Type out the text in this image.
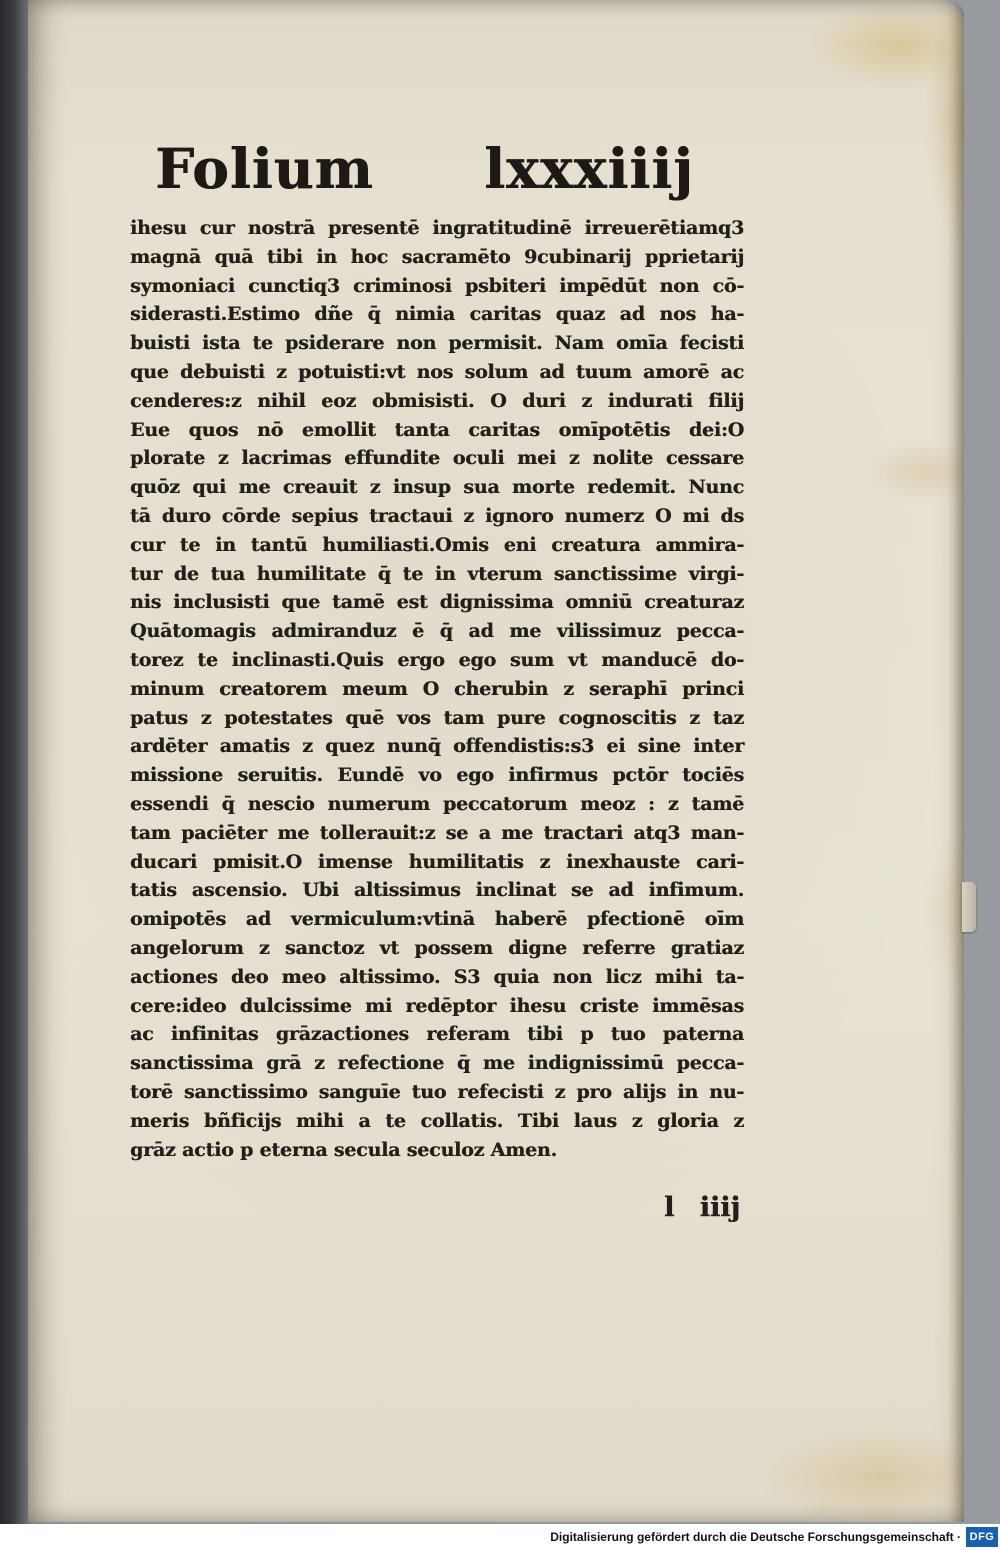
Folium lxxxiiij
ihesu cur nostrā presentē ingratitudinē irreuerētiamq3
magnā quā tibi in hoc sacramēto 9cubinarij pprietarij
symoniaci cunctiq3 criminosi psbiteri impēdūt non cō-
siderasti.Estimo dñe q̄ nimia caritas quaz ad nos ha-
buisti ista te psiderare non permisit. Nam omīa fecisti
que debuisti z potuisti:vt nos solum ad tuum amorē ac
cenderes:z nihil eoz obmisisti. O duri z indurati filij
Eue quos nō emollit tanta caritas omīpotētis dei:O
plorate z lacrimas effundite oculi mei z nolite cessare
quōz qui me creauit z insup sua morte redemit. Nunc
tā duro cōrde sepius tractaui z ignoro numerz O mi ds
cur te in tantū humiliasti.Omis eni creatura ammira-
tur de tua humilitate q̄ te in vterum sanctissime virgi-
nis inclusisti que tamē est dignissima omniū creaturaz
Quātomagis admiranduz ē q̄ ad me vilissimuz pecca-
torez te inclinasti.Quis ergo ego sum vt manducē do-
minum creatorem meum O cherubin z seraphī princi
patus z potestates quē vos tam pure cognoscitis z taz
ardēter amatis z quez nunq̄ offendistis:s3 ei sine inter
missione seruitis. Eundē vo ego infirmus pctōr tociēs
essendi q̄ nescio numerum peccatorum meoz : z tamē
tam paciēter me tollerauit:z se a me tractari atq3 man-
ducari pmisit.O imense humilitatis z inexhauste cari-
tatis ascensio. Ubi altissimus inclinat se ad infimum.
omipotēs ad vermiculum:vtinā haberē pfectionē oīm
angelorum z sanctoz vt possem digne referre gratiaz
actiones deo meo altissimo. S3 quia non licz mihi ta-
cere:ideo dulcissime mi redēptor ihesu criste immēsas
ac infinitas grāzactiones referam tibi p tuo paterna
sanctissima grā z refectione q̄ me indignissimū pecca-
torē sanctissimo sanguīe tuo refecisti z pro alijs in nu-
meris bñficijs mihi a te collatis. Tibi laus z gloria z
grāz actio p eterna secula seculoz Amen.
l iiij
Digitalisierung gefördert durch die Deutsche Forschungsgemeinschaft · DFG
